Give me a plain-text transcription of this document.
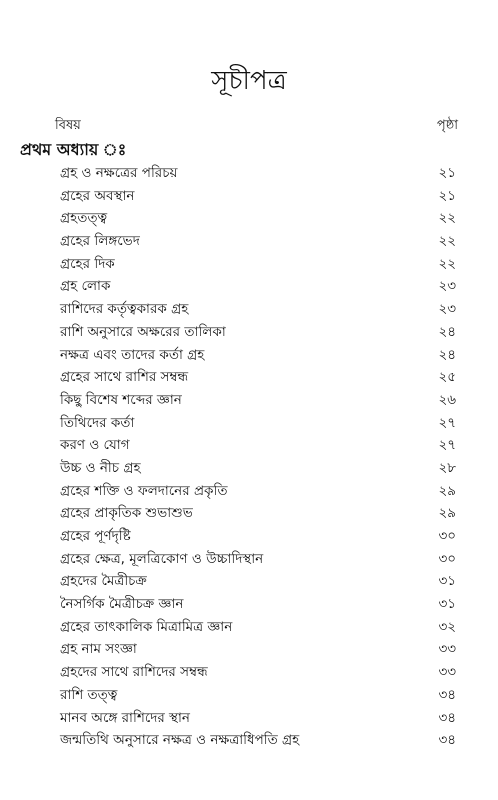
সূচীপত্র
বিষয়	পৃষ্ঠা
প্রথম অধ্যায় ঃ
গ্রহ ও নক্ষত্রের পরিচয়	২১
গ্রহের অবস্থান	২১
গ্রহতত্ত্ব	২২
গ্রহের লিঙ্গভেদ	২২
গ্রহের দিক	২২
গ্রহ লোক	২৩
রাশিদের কর্তৃত্বকারক গ্রহ	২৩
রাশি অনুসারে অক্ষরের তালিকা	২৪
নক্ষত্র এবং তাদের কর্তা গ্রহ	২৪
গ্রহের সাথে রাশির সম্বন্ধ	২৫
কিছু বিশেষ শব্দের জ্ঞান	২৬
তিথিদের কর্তা	২৭
করণ ও যোগ	২৭
উচ্চ ও নীচ গ্রহ	২৮
গ্রহের শক্তি ও ফলদানের প্রকৃতি	২৯
গ্রহের প্রাকৃতিক শুভাশুভ	২৯
গ্রহের পূর্ণদৃষ্টি	৩০
গ্রহের ক্ষেত্র, মূলত্রিকোণ ও উচ্চাদিস্থান	৩০
গ্রহদের মৈত্রীচক্র	৩১
নৈসর্গিক মৈত্রীচক্র জ্ঞান	৩১
গ্রহের তাৎকালিক মিত্রামিত্র জ্ঞান	৩২
গ্রহ নাম সংজ্ঞা	৩৩
গ্রহদের সাথে রাশিদের সম্বন্ধ	৩৩
রাশি তত্ত্ব	৩৪
মানব অঙ্গে রাশিদের স্থান	৩৪
জন্মতিথি অনুসারে নক্ষত্র ও নক্ষত্রাধিপতি গ্রহ	৩৪
